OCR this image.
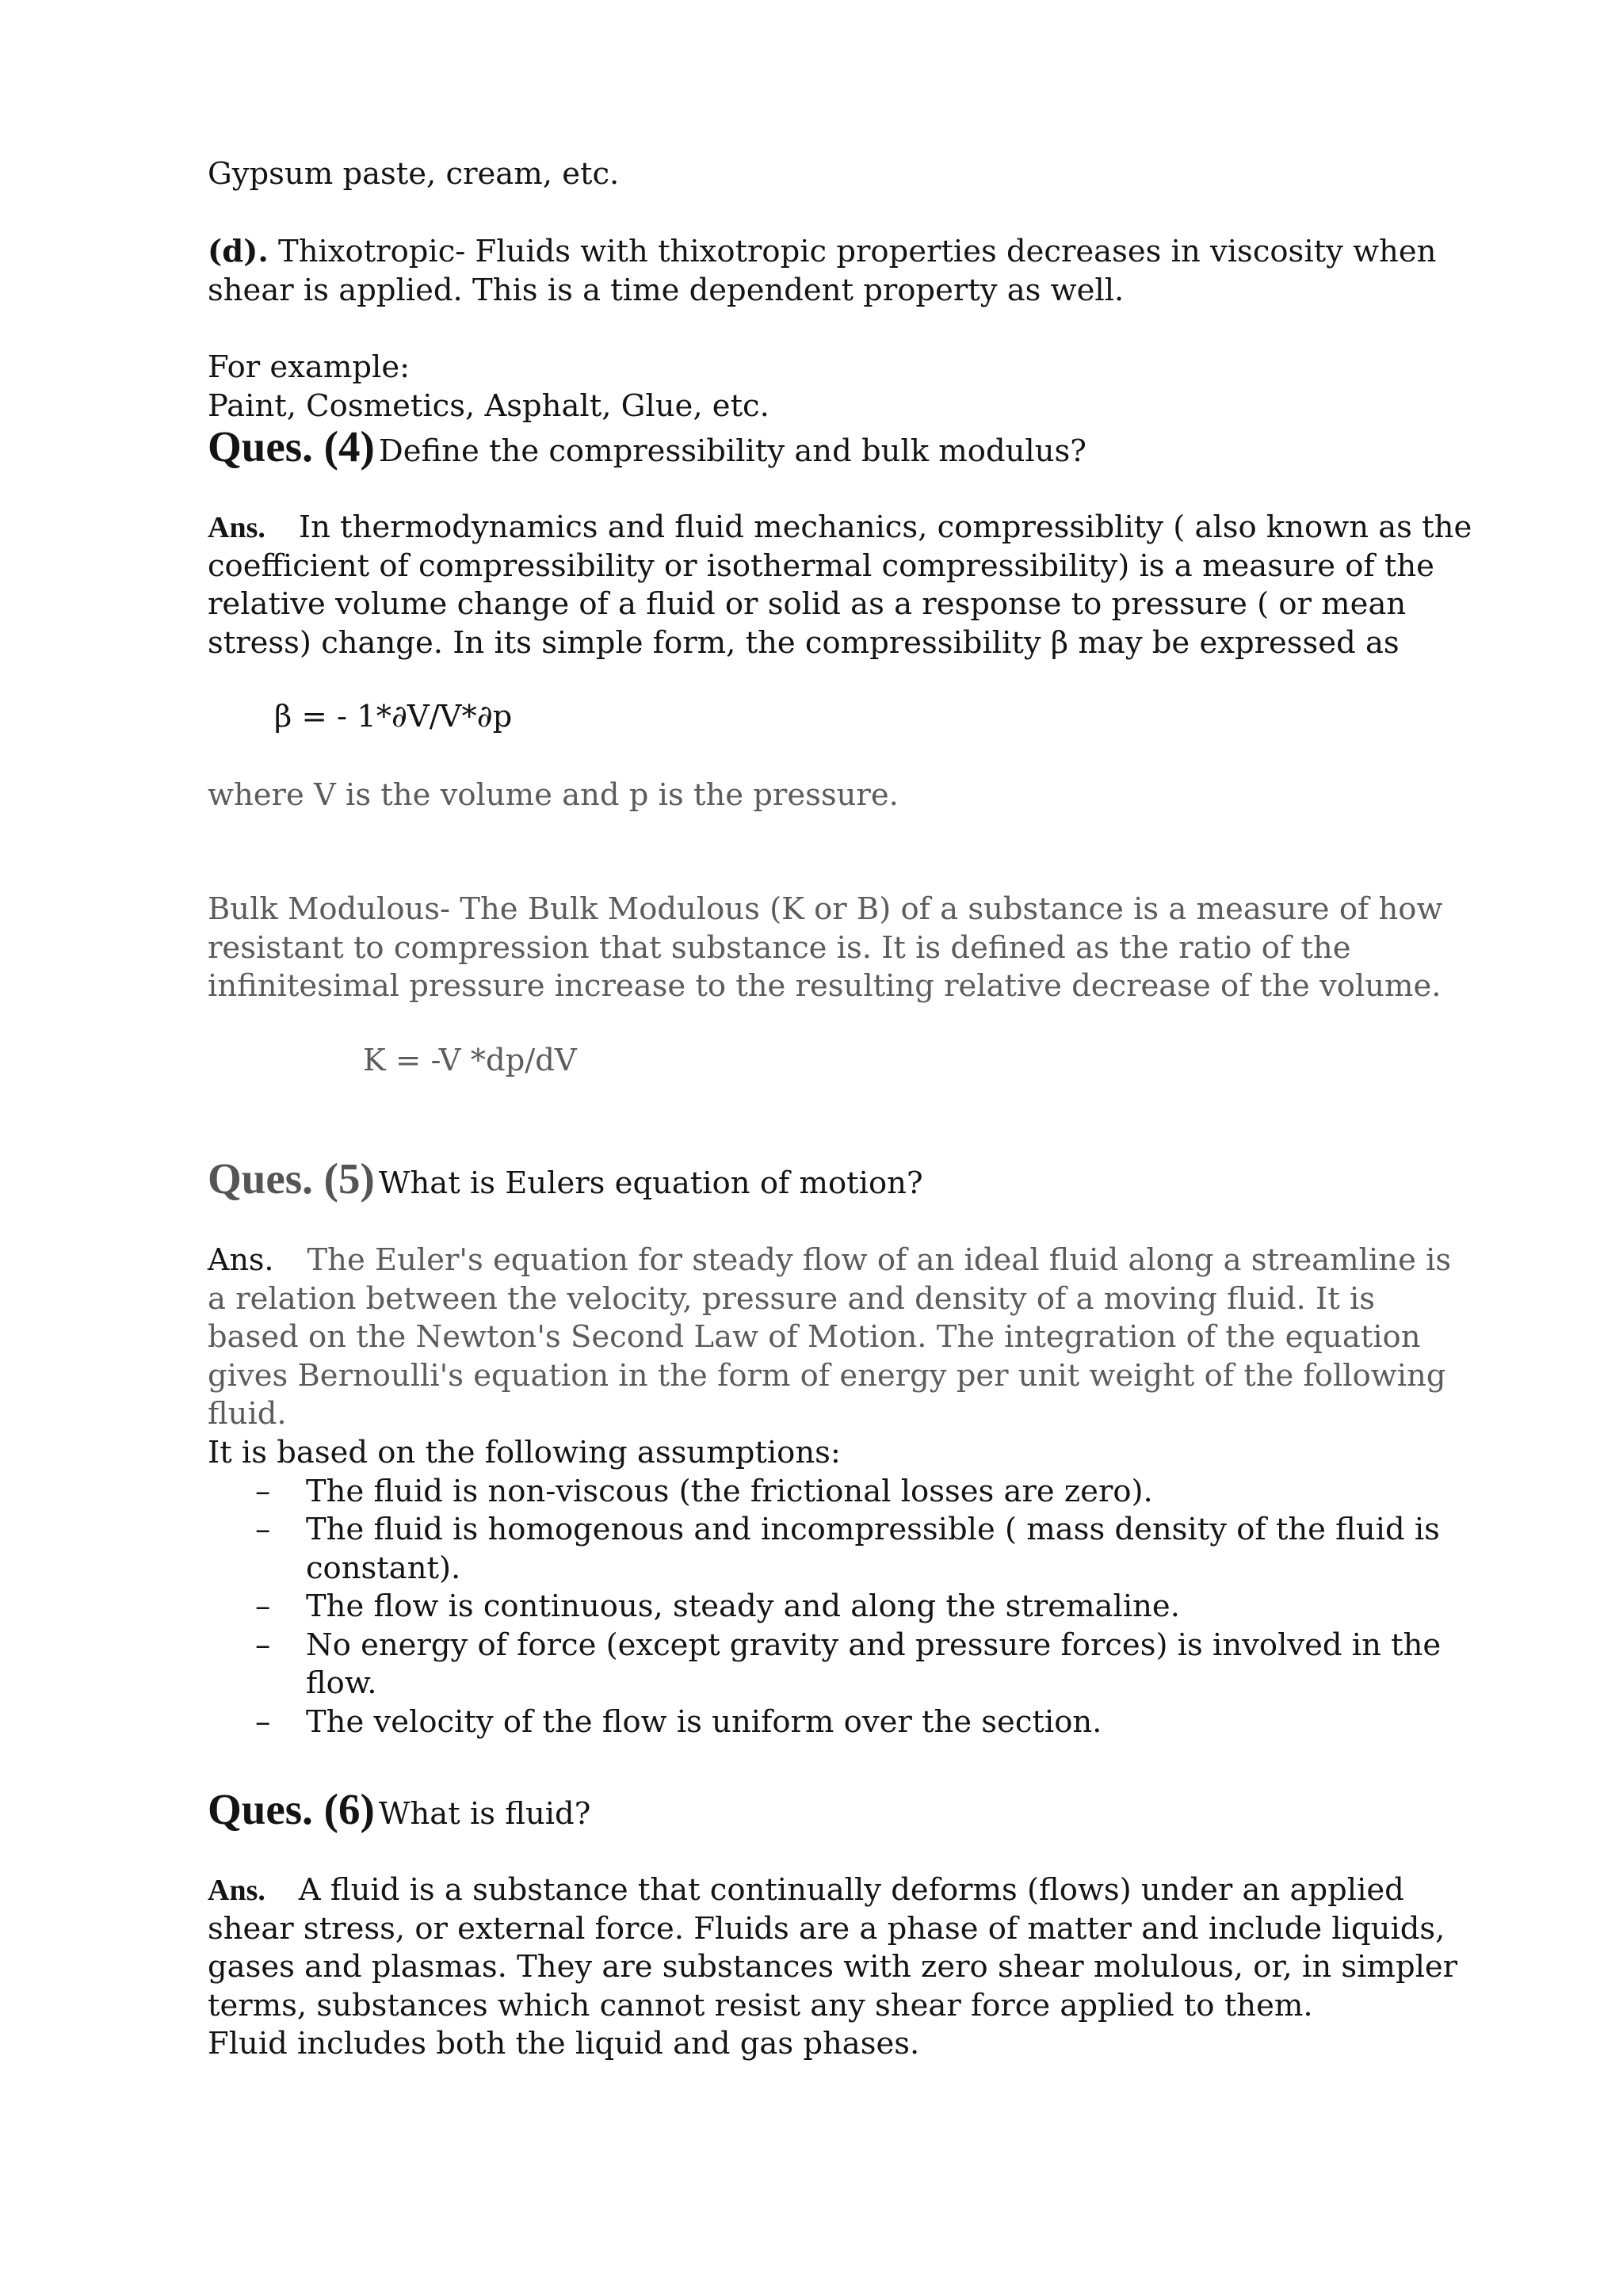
Gypsum paste, cream, etc.

(d). Thixotropic- Fluids with thixotropic properties decreases in viscosity when shear is applied. This is a time dependent property as well.

For example:

Paint, Cosmetics, Asphalt, Glue, etc.

Ques. (4) Define the compressibility and bulk modulus?

Ans. In thermodynamics and fluid mechanics, compressiblity ( also known as the coefficient of compressibility or isothermal compressibility) is a measure of the relative volume change of a fluid or solid as a response to pressure ( or mean stress) change. In its simple form, the compressibility β may be expressed as

β = - 1*∂V/V*∂p

where V is the volume and p is the pressure.

Bulk Modulous- The Bulk Modulous (K or B) of a substance is a measure of how resistant to compression that substance is. It is defined as the ratio of the infinitesimal pressure increase to the resulting relative decrease of the volume.

K = -V *dp/dV
Ques. (5) What is Eulers equation of motion?

Ans. The Euler's equation for steady flow of an ideal fluid along a streamline is a relation between the velocity, pressure and density of a moving fluid. It is based on the Newton's Second Law of Motion. The integration of the equation gives Bernoulli's equation in the form of energy per unit weight of the following fluid.

It is based on the following assumptions:

– The fluid is non-viscous (the frictional losses are zero).
– The fluid is homogenous and incompressible ( mass density of the fluid is constant).
– The flow is continuous, steady and along the stremaline.
– No energy of force (except gravity and pressure forces) is involved in the flow.
– The velocity of the flow is uniform over the section.
Ques. (6) What is fluid?

Ans. A fluid is a substance that continually deforms (flows) under an applied shear stress, or external force. Fluids are a phase of matter and include liquids, gases and plasmas. They are substances with zero shear molulous, or, in simpler terms, substances which cannot resist any shear force applied to them.

Fluid includes both the liquid and gas phases.
